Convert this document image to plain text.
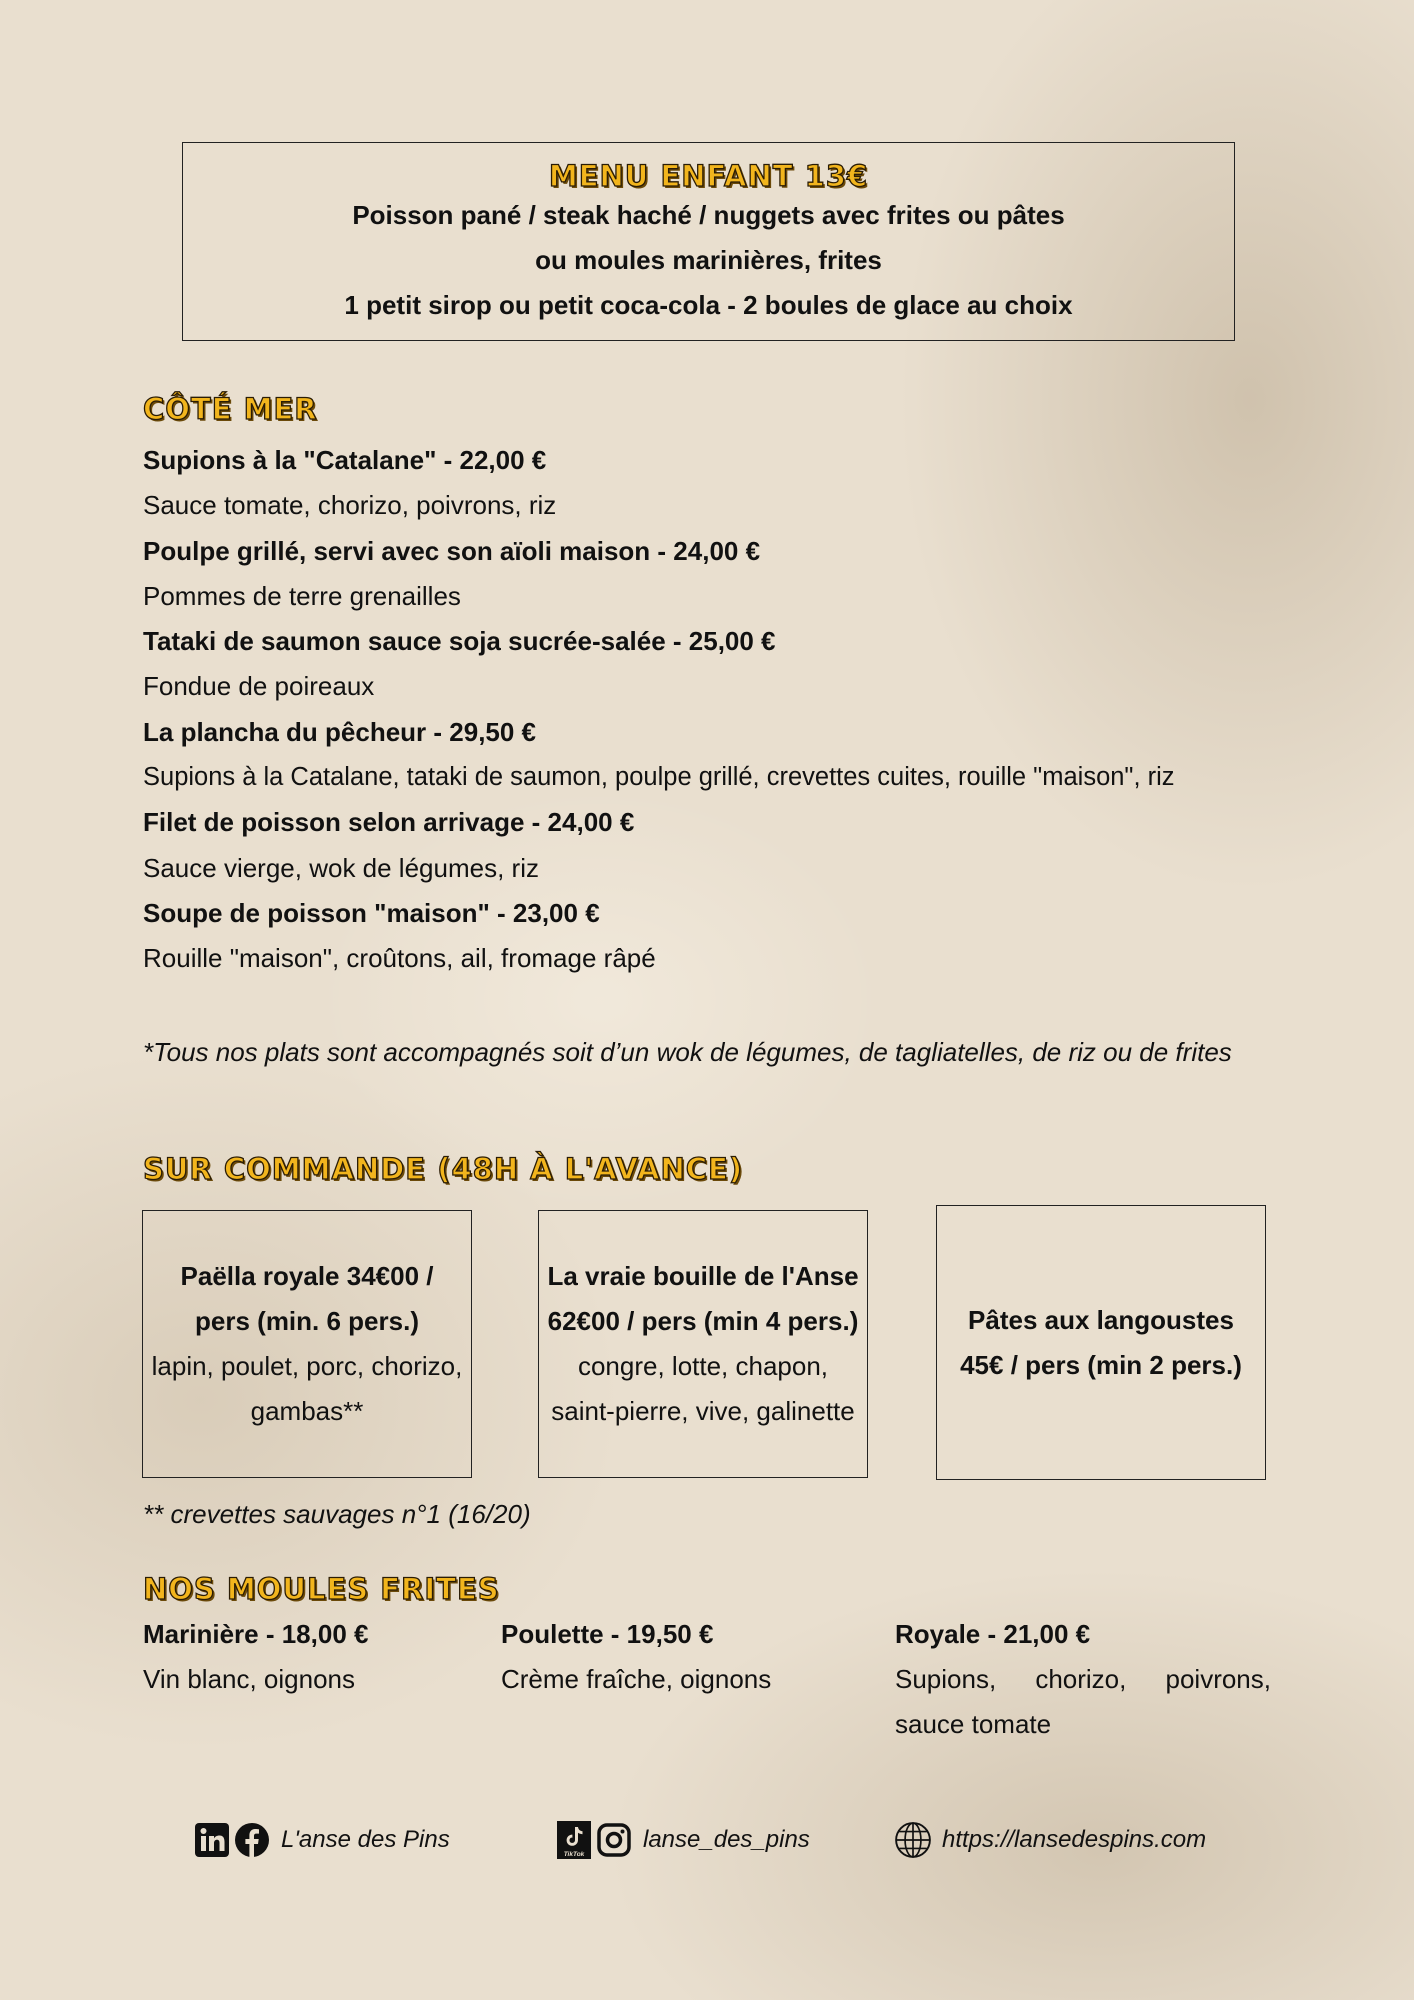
MENU ENFANT 13€
Poisson pané / steak haché / nuggets avec frites ou pâtes
ou moules marinières, frites
1 petit sirop ou petit coca-cola - 2 boules de glace au choix
CÔTÉ MER
Supions à la "Catalane" - 22,00 €
Sauce tomate, chorizo, poivrons, riz
Poulpe grillé, servi avec son aïoli maison - 24,00 €
Pommes de terre grenailles
Tataki de saumon sauce soja sucrée-salée - 25,00 €
Fondue de poireaux
La plancha du pêcheur - 29,50 €
Supions à la Catalane, tataki de saumon, poulpe grillé, crevettes cuites, rouille "maison", riz
Filet de poisson selon arrivage - 24,00 €
Sauce vierge, wok de légumes, riz
Soupe de poisson "maison" - 23,00 €
Rouille "maison", croûtons, ail, fromage râpé
*Tous nos plats sont accompagnés soit d’un wok de légumes, de tagliatelles, de riz ou de frites
SUR COMMANDE (48H À L'AVANCE)
Paëlla royale 34€00 / pers (min. 6 pers.)
lapin, poulet, porc, chorizo, gambas**
La vraie bouille de l'Anse 62€00 / pers (min 4 pers.)
congre, lotte, chapon, saint-pierre, vive, galinette
Pâtes aux langoustes 45€ / pers (min 2 pers.)
** crevettes sauvages n°1 (16/20)
NOS MOULES FRITES
Marinière - 18,00 €
Vin blanc, oignons
Poulette - 19,50 €
Crème fraîche, oignons
Royale - 21,00 €
Supions, chorizo, poivrons, sauce tomate
L'anse des Pins
TikTok
lanse_des_pins	https://lansedespins.com
